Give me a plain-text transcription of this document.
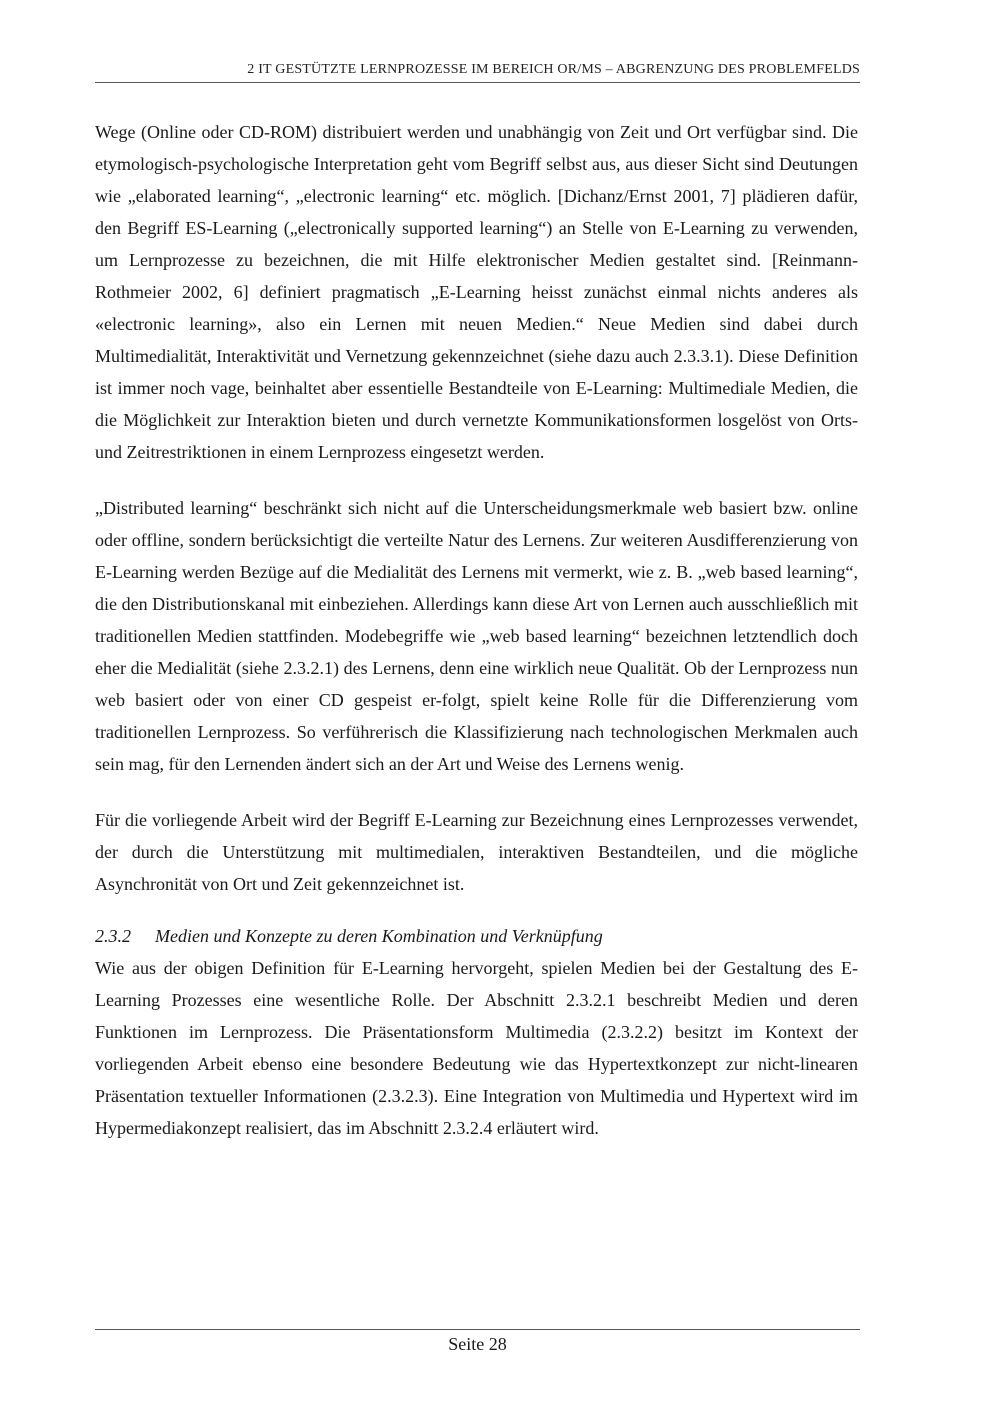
2 IT GESTÜTZTE LERNPROZESSE IM BEREICH OR/MS – ABGRENZUNG DES PROBLEMFELDS

Wege (Online oder CD-ROM) distribuiert werden und unabhängig von Zeit und Ort verfügbar sind. Die etymologisch-psychologische Interpretation geht vom Begriff selbst aus, aus dieser Sicht sind Deutungen wie „elaborated learning“, „electronic learning“ etc. möglich. [Dichanz/Ernst 2001, 7] plädieren dafür, den Begriff ES-Learning („electronically supported learning“) an Stelle von E-Learning zu verwenden, um Lernprozesse zu bezeichnen, die mit Hilfe elektronischer Medien gestaltet sind. [Reinmann-Rothmeier 2002, 6] definiert pragmatisch „E-Learning heisst zunächst einmal nichts anderes als «electronic learning», also ein Lernen mit neuen Medien.“ Neue Medien sind dabei durch Multimedialität, Interaktivität und Vernetzung gekennzeichnet (siehe dazu auch 2.3.3.1). Diese Definition ist immer noch vage, beinhaltet aber essentielle Bestandteile von E-Learning: Multimediale Medien, die die Möglichkeit zur Interaktion bieten und durch vernetzte Kommunikationsformen losgelöst von Orts- und Zeitrestriktionen in einem Lernprozess eingesetzt werden.

„Distributed learning“ beschränkt sich nicht auf die Unterscheidungsmerkmale web basiert bzw. online oder offline, sondern berücksichtigt die verteilte Natur des Lernens. Zur weiteren Ausdifferenzierung von E-Learning werden Bezüge auf die Medialität des Lernens mit vermerkt, wie z. B. „web based learning“, die den Distributionskanal mit einbeziehen. Allerdings kann diese Art von Lernen auch ausschließlich mit traditionellen Medien stattfinden. Modebegriffe wie „web based learning“ bezeichnen letztendlich doch eher die Medialität (siehe 2.3.2.1) des Lernens, denn eine wirklich neue Qualität. Ob der Lernprozess nun web basiert oder von einer CD gespeist er-folgt, spielt keine Rolle für die Differenzierung vom traditionellen Lernprozess. So verführerisch die Klassifizierung nach technologischen Merkmalen auch sein mag, für den Lernenden ändert sich an der Art und Weise des Lernens wenig.

Für die vorliegende Arbeit wird der Begriff E-Learning zur Bezeichnung eines Lernprozesses verwendet, der durch die Unterstützung mit multimedialen, interaktiven Bestandteilen, und die mögliche Asynchronität von Ort und Zeit gekennzeichnet ist.

2.3.2 Medien und Konzepte zu deren Kombination und Verknüpfung

Wie aus der obigen Definition für E-Learning hervorgeht, spielen Medien bei der Gestaltung des E-Learning Prozesses eine wesentliche Rolle. Der Abschnitt 2.3.2.1 beschreibt Medien und deren Funktionen im Lernprozess. Die Präsentationsform Multimedia (2.3.2.2) besitzt im Kontext der vorliegenden Arbeit ebenso eine besondere Bedeutung wie das Hypertextkonzept zur nicht-linearen Präsentation textueller Informationen (2.3.2.3). Eine Integration von Multimedia und Hypertext wird im Hypermediakonzept realisiert, das im Abschnitt 2.3.2.4 erläutert wird.

Seite 28
